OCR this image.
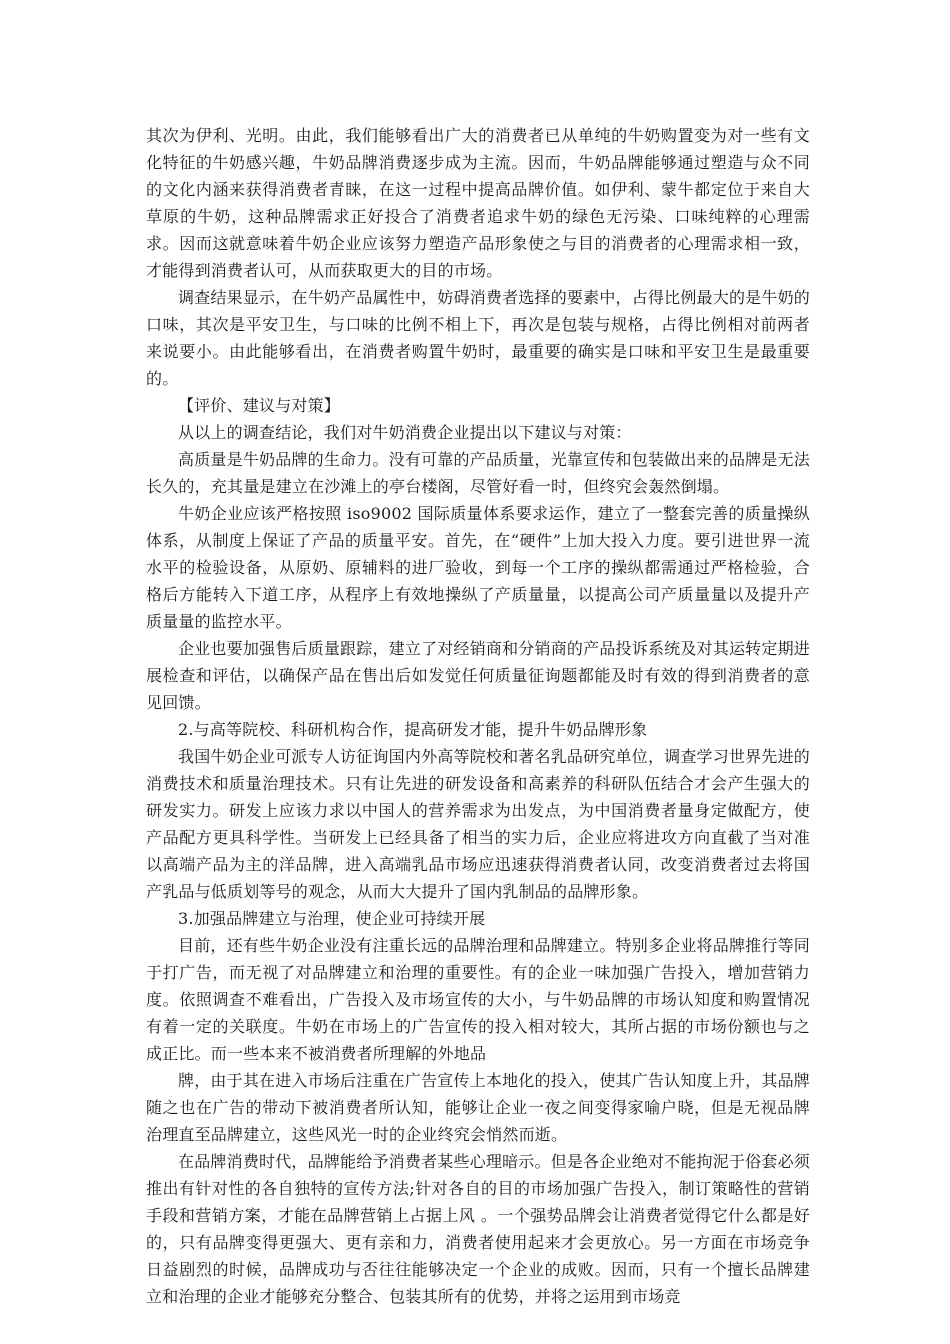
其次为伊利、光明。由此，我们能够看出广大的消费者已从单纯的牛奶购置变为对一些有文化特征的牛奶感兴趣，牛奶品牌消费逐步成为主流。因而，牛奶品牌能够通过塑造与众不同的文化内涵来获得消费者青睐，在这一过程中提高品牌价值。如伊利、蒙牛都定位于来自大草原的牛奶，这种品牌需求正好投合了消费者追求牛奶的绿色无污染、口味纯粹的心理需求。因而这就意味着牛奶企业应该努力塑造产品形象使之与目的消费者的心理需求相一致，才能得到消费者认可，从而获取更大的目的市场。

调查结果显示，在牛奶产品属性中，妨碍消费者选择的要素中，占得比例最大的是牛奶的口味，其次是平安卫生，与口味的比例不相上下，再次是包装与规格，占得比例相对前两者来说要小。由此能够看出，在消费者购置牛奶时，最重要的确实是口味和平安卫生是最重要的。

【评价、建议与对策】

从以上的调查结论，我们对牛奶消费企业提出以下建议与对策：

高质量是牛奶品牌的生命力。没有可靠的产品质量，光靠宣传和包装做出来的品牌是无法长久的，充其量是建立在沙滩上的亭台楼阁，尽管好看一时，但终究会轰然倒塌。

牛奶企业应该严格按照 iso9002 国际质量体系要求运作，建立了一整套完善的质量操纵体系，从制度上保证了产品的质量平安。首先，在“硬件”上加大投入力度。要引进世界一流水平的检验设备，从原奶、原辅料的进厂验收，到每一个工序的操纵都需通过严格检验，合格后方能转入下道工序，从程序上有效地操纵了产质量量，以提高公司产质量量以及提升产质量量的监控水平。

企业也要加强售后质量跟踪，建立了对经销商和分销商的产品投诉系统及对其运转定期进展检查和评估，以确保产品在售出后如发觉任何质量征询题都能及时有效的得到消费者的意见回馈。

2.与高等院校、科研机构合作，提高研发才能，提升牛奶品牌形象

我国牛奶企业可派专人访征询国内外高等院校和著名乳品研究单位，调查学习世界先进的消费技术和质量治理技术。只有让先进的研发设备和高素养的科研队伍结合才会产生强大的研发实力。研发上应该力求以中国人的营养需求为出发点，为中国消费者量身定做配方，使产品配方更具科学性。当研发上已经具备了相当的实力后，企业应将进攻方向直截了当对准以高端产品为主的洋品牌，进入高端乳品市场应迅速获得消费者认同，改变消费者过去将国产乳品与低质划等号的观念，从而大大提升了国内乳制品的品牌形象。

3.加强品牌建立与治理，使企业可持续开展

目前，还有些牛奶企业没有注重长远的品牌治理和品牌建立。特别多企业将品牌推行等同于打广告，而无视了对品牌建立和治理的重要性。有的企业一味加强广告投入，增加营销力度。依照调查不难看出，广告投入及市场宣传的大小，与牛奶品牌的市场认知度和购置情况有着一定的关联度。牛奶在市场上的广告宣传的投入相对较大，其所占据的市场份额也与之成正比。而一些本来不被消费者所理解的外地品

牌，由于其在进入市场后注重在广告宣传上本地化的投入，使其广告认知度上升，其品牌随之也在广告的带动下被消费者所认知，能够让企业一夜之间变得家喻户晓，但是无视品牌治理直至品牌建立，这些风光一时的企业终究会悄然而逝。

在品牌消费时代，品牌能给予消费者某些心理暗示。但是各企业绝对不能拘泥于俗套必须推出有针对性的各自独特的宣传方法;针对各自的目的市场加强广告投入，制订策略性的营销手段和营销方案，才能在品牌营销上占据上风 。一个强势品牌会让消费者觉得它什么都是好的，只有品牌变得更强大、更有亲和力，消费者使用起来才会更放心。另一方面在市场竞争日益剧烈的时候，品牌成功与否往往能够决定一个企业的成败。因而，只有一个擅长品牌建立和治理的企业才能够充分整合、包装其所有的优势，并将之运用到市场竞
